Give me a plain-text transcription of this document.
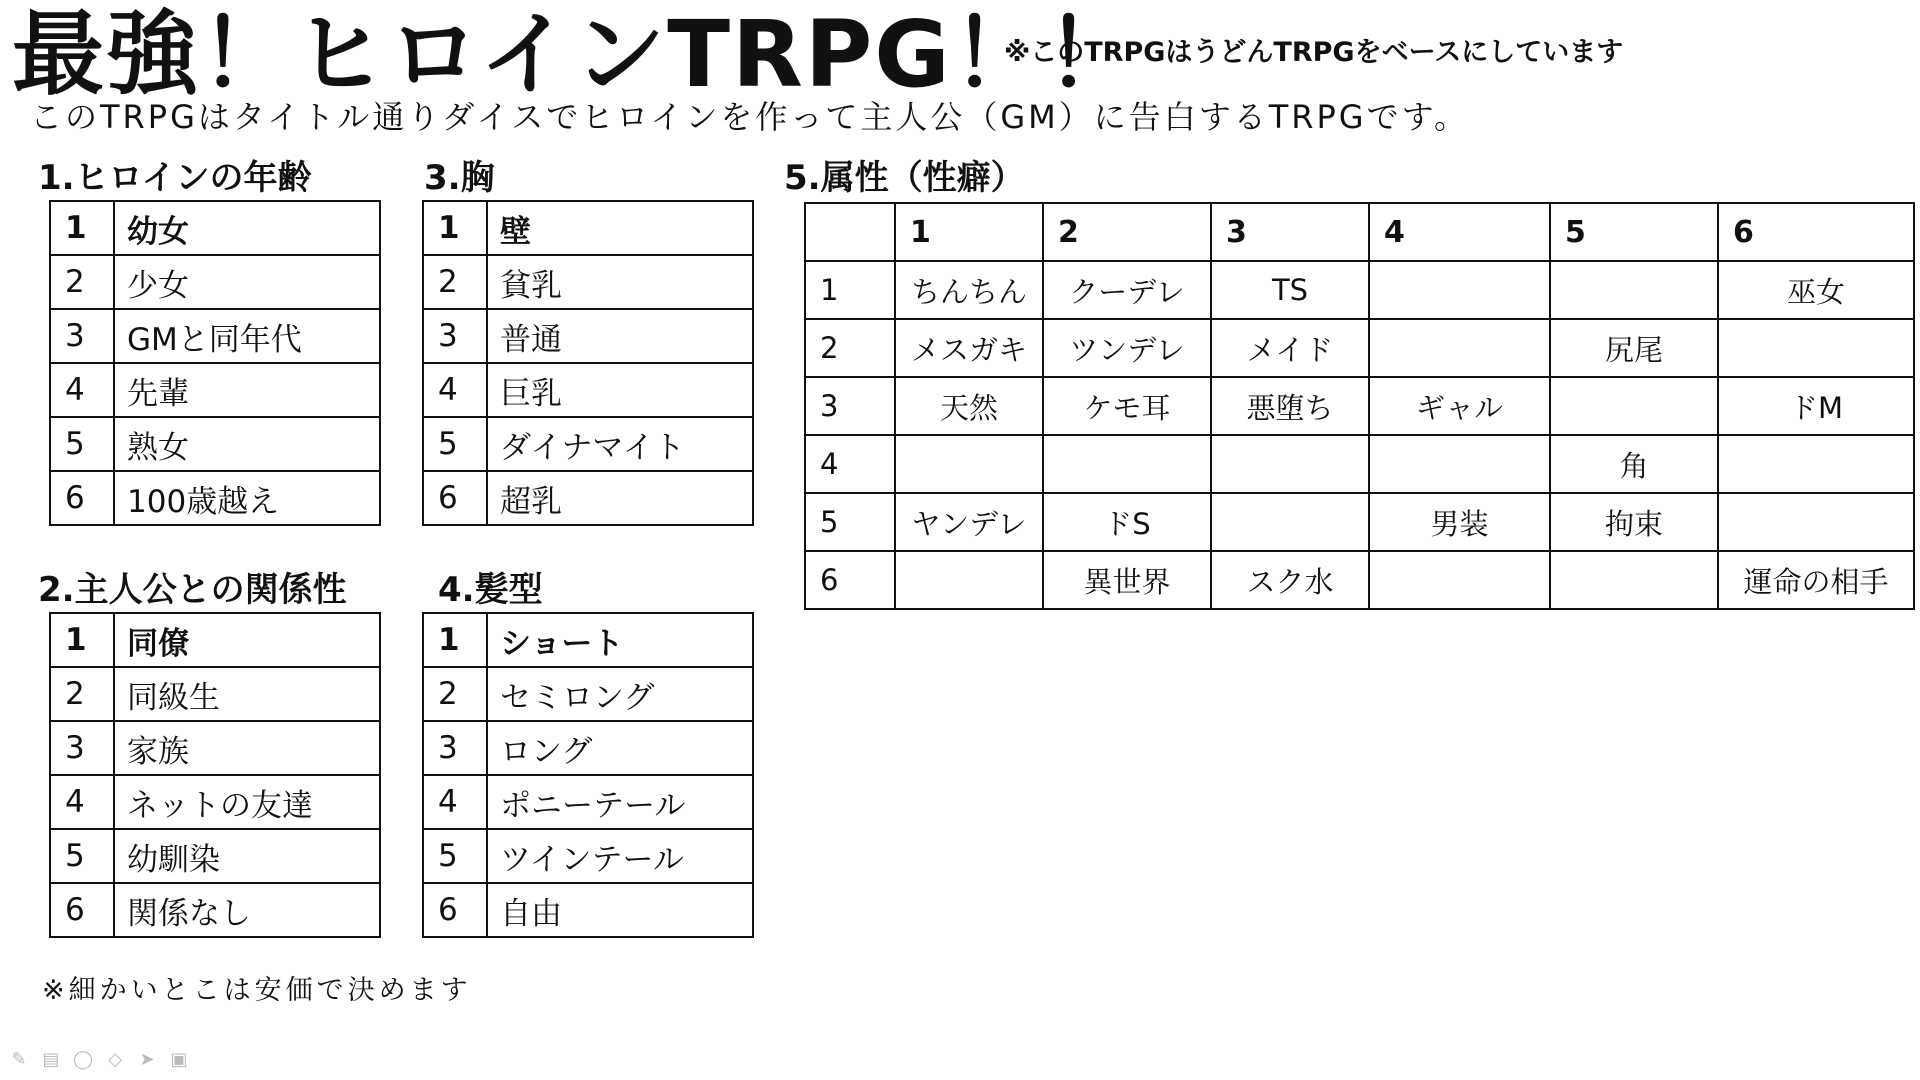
最強！ヒロインTRPG！！
※このTRPGはうどんTRPGをベースにしています
このTRPGはタイトル通りダイスでヒロインを作って主人公（GM）に告白するTRPGです。
1.ヒロインの年齢
1	幼女
2	少女
3	GMと同年代
4	先輩
5	熟女
6	100歳越え
2.主人公との関係性
1	同僚
2	同級生
3	家族
4	ネットの友達
5	幼馴染
6	関係なし
3.胸
1	壁
2	貧乳
3	普通
4	巨乳
5	ダイナマイト
6	超乳
4.髪型
1	ショート
2	セミロング
3	ロング
4	ポニーテール
5	ツインテール
6	自由
5.属性（性癖）
	1	2	3	4	5	6
1	ちんちん	クーデレ	TS			巫女
2	メスガキ	ツンデレ	メイド		尻尾	
3	天然	ケモ耳	悪堕ち	ギャル		ドM
4					角	
5	ヤンデレ	ドS		男装	拘束	
6		異世界	スク水			運命の相手
※細かいとこは安価で決めます
✎ ▤ ◯ ◇ ➤ ▣
